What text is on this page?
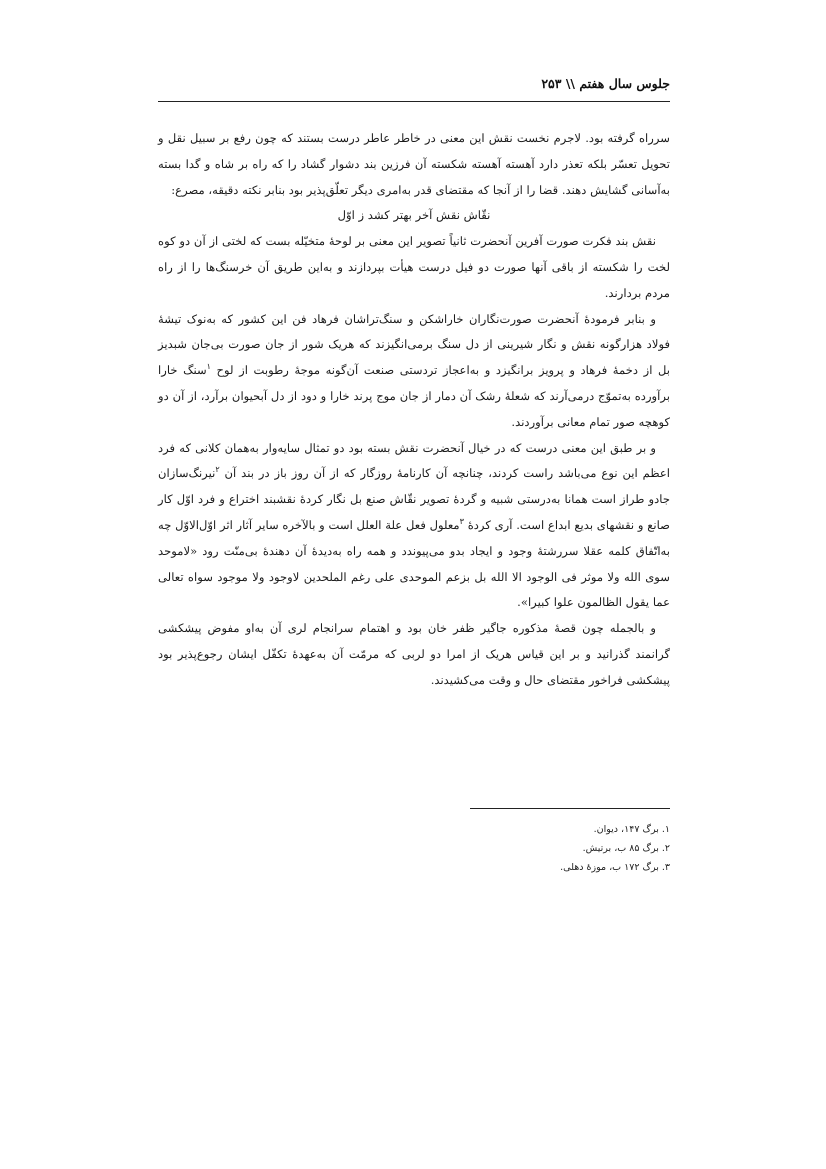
جلوس سال هفتم \\ ۲۵۳

سرراه گرفته بود. لاجرم نخست نقش این معنی در خاطر عاطر درست بستند که چون رفع بر سبیل نقل و تحویل تعسّر بلکه تعذر دارد آهسته آهسته شکسته آن فرزین بند دشوار گشاد را که راه بر شاه و گدا بسته به‌آسانی گشایش دهند. قضا را از آنجا که مقتضای قدر به‌امری دیگر تعلّق‌پذیر بود بنابر نکته دقیقه، مصرع:

نقّاش نقش آخر بهتر کشد ز اوّل

نقش بند فکرت صورت آفرین آنحضرت ثانیاً تصویر این معنی بر لوحهٔ متخیّله بست که لختی از آن دو کوه لخت را شکسته از باقی آنها صورت دو فیل درست هیأت بپردازند و به‌این طریق آن خرسنگ‌ها را از راه مردم بردارند.

و بنابر فرمودهٔ آنحضرت صورت‌نگاران خاراشکن و سنگ‌تراشان فرهاد فن این کشور که به‌نوک تیشهٔ فولاد هزارگونه نقش و نگار شیرینی از دل سنگ برمی‌انگیزند که هریک شور از جان صورت بی‌جان شبدیز بل از دخمهٔ فرهاد و پرویز برانگیزد و به‌اعجاز تردستی صنعت آن‌گونه موجهٔ رطوبت از لوح $^۱$سنگ خارا برآورده به‌تموّج درمی‌آرند که شعلهٔ رشک آن دمار از جان موج پرند خارا و دود از دل آبحیوان برآرد، از آن دو کوهچه صور تمام معانی برآوردند.

و بر طبق این معنی درست که در خیال آنحضرت نقش بسته بود دو تمثال سایه‌وار به‌همان کلانی که فرد اعظم این نوع می‌باشد راست کردند، چنانچه آن کارنامهٔ روزگار که از آن روز باز در بند آن $^۲$نیرنگ‌سازان جادو طراز است همانا به‌درستی شبیه و گردهٔ تصویر نقّاش صنع بل نگار کردهٔ نقشبند اختراع و فرد اوّل کار صانع و نقشهای بدیع ابداع است. آری کردهٔ $^۳$معلول فعل علة العلل است و بالآخره سایر آثار اثر اوّل‌الاوّل چه به‌اتّفاق کلمه عقلا سررشتهٔ وجود و ایجاد بدو می‌پیوندد و همه راه به‌دیدهٔ آن دهندهٔ بی‌منّت رود «لاموحد سوی الله ولا موثر فی الوجود الا الله بل بزعم الموحدی علی رغم الملحدین لاوجود ولا موجود سواه تعالی عما یقول الظالمون علوا کبیرا».

و بالجمله چون قصهٔ مذکوره جاگیر ظفر خان بود و اهتمام سرانجام لری آن به‌او مفوض پیشکشی گرانمند گذرانید و بر این قیاس هریک از امرا دو لربی که مرمّت آن به‌عهدهٔ تکفّل ایشان رجوع‌پذیر بود پیشکشی فراخور مقتضای حال و وقت می‌کشیدند.

۱. برگ ۱۴۷، دیوان.
۲. برگ ۸۵ ب، برتیش.
۳. برگ ۱۷۲ ب، موزهٔ دهلی.
